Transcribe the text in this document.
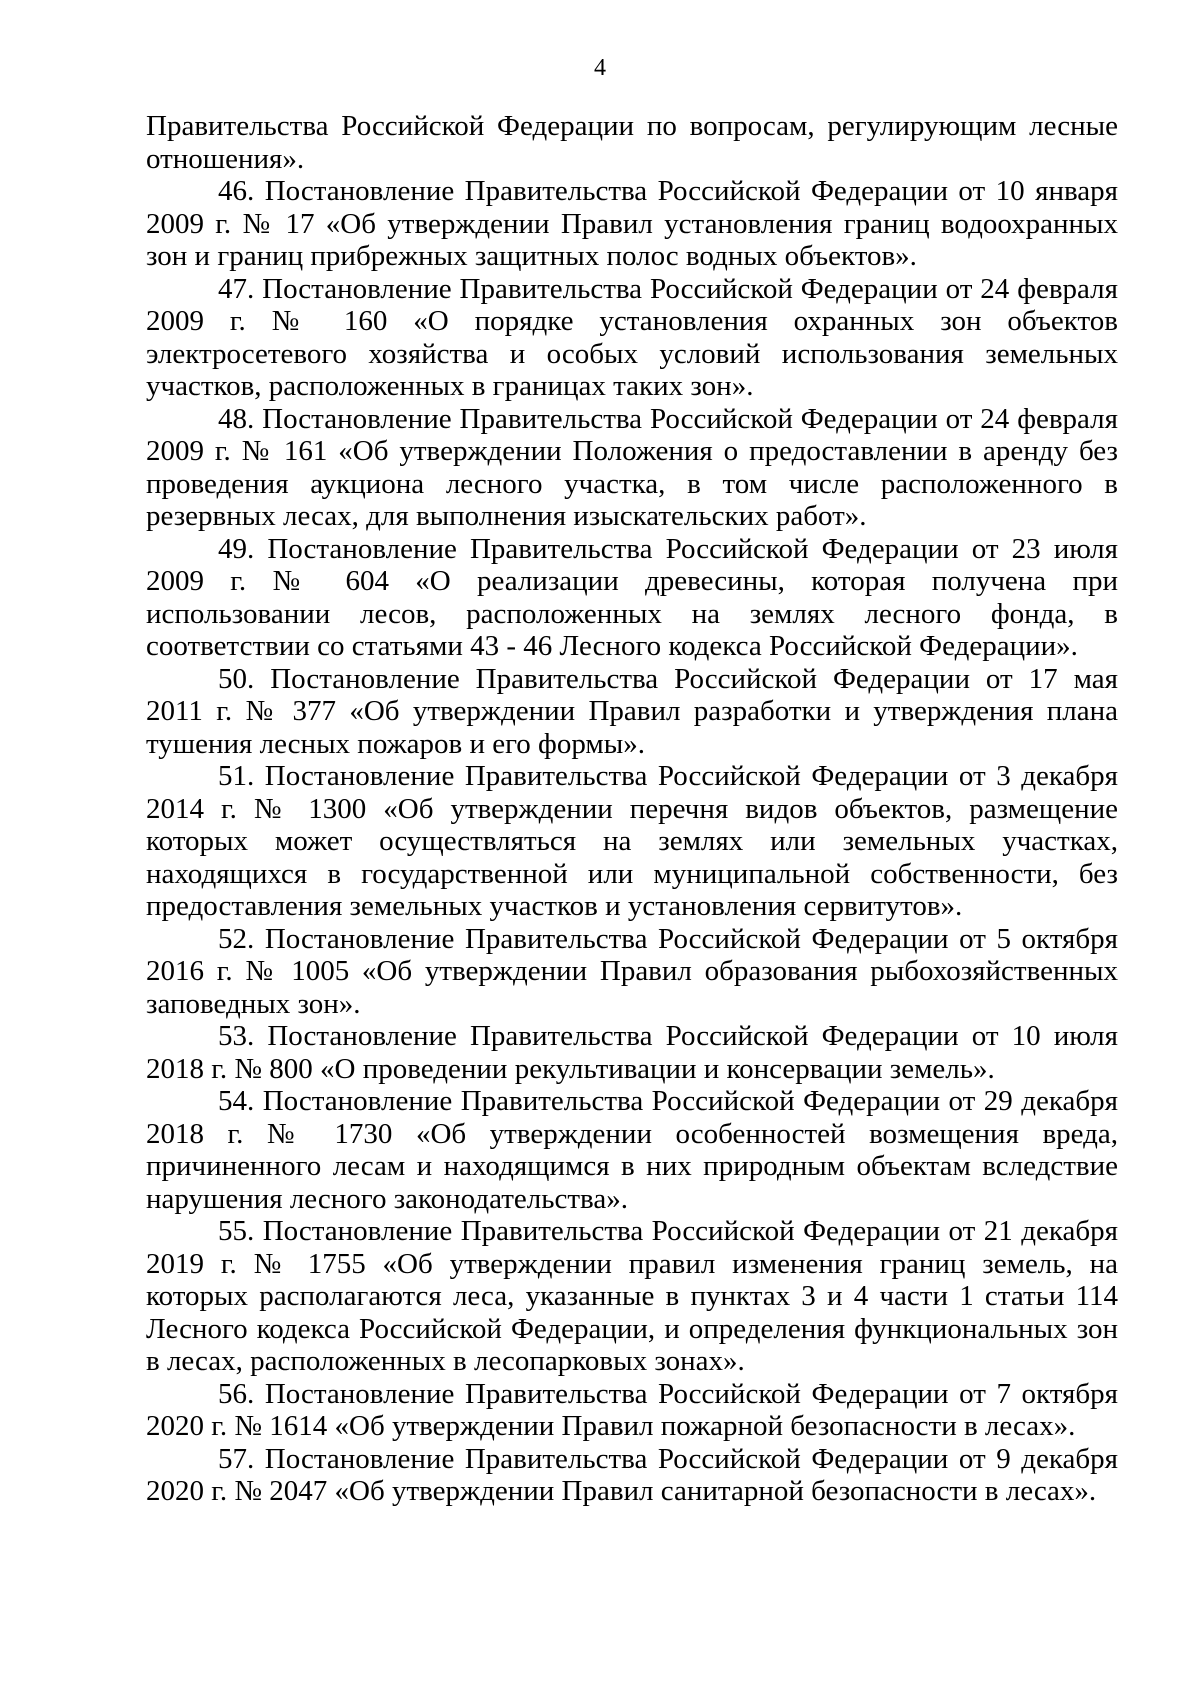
4

Правительства Российской Федерации по вопросам, регулирующим лесные отношения».

46. Постановление Правительства Российской Федерации от 10 января 2009 г. № 17 «Об утверждении Правил установления границ водоохранных зон и границ прибрежных защитных полос водных объектов».

47. Постановление Правительства Российской Федерации от 24 февраля 2009 г. № 160 «О порядке установления охранных зон объектов электросетевого хозяйства и особых условий использования земельных участков, расположенных в границах таких зон».

48. Постановление Правительства Российской Федерации от 24 февраля 2009 г. № 161 «Об утверждении Положения о предоставлении в аренду без проведения аукциона лесного участка, в том числе расположенного в резервных лесах, для выполнения изыскательских работ».

49. Постановление Правительства Российской Федерации от 23 июля 2009 г. № 604 «О реализации древесины, которая получена при использовании лесов, расположенных на землях лесного фонда, в соответствии со статьями 43 - 46 Лесного кодекса Российской Федерации».

50. Постановление Правительства Российской Федерации от 17 мая 2011 г. № 377 «Об утверждении Правил разработки и утверждения плана тушения лесных пожаров и его формы».

51. Постановление Правительства Российской Федерации от 3 декабря 2014 г. № 1300 «Об утверждении перечня видов объектов, размещение которых может осуществляться на землях или земельных участках, находящихся в государственной или муниципальной собственности, без предоставления земельных участков и установления сервитутов».

52. Постановление Правительства Российской Федерации от 5 октября 2016 г. № 1005 «Об утверждении Правил образования рыбохозяйственных заповедных зон».

53. Постановление Правительства Российской Федерации от 10 июля 2018 г. № 800 «О проведении рекультивации и консервации земель».

54. Постановление Правительства Российской Федерации от 29 декабря 2018 г. № 1730 «Об утверждении особенностей возмещения вреда, причиненного лесам и находящимся в них природным объектам вследствие нарушения лесного законодательства».

55. Постановление Правительства Российской Федерации от 21 декабря 2019 г. № 1755 «Об утверждении правил изменения границ земель, на которых располагаются леса, указанные в пунктах 3 и 4 части 1 статьи 114 Лесного кодекса Российской Федерации, и определения функциональных зон в лесах, расположенных в лесопарковых зонах».

56. Постановление Правительства Российской Федерации от 7 октября 2020 г. № 1614 «Об утверждении Правил пожарной безопасности в лесах».

57. Постановление Правительства Российской Федерации от 9 декабря 2020 г. № 2047 «Об утверждении Правил санитарной безопасности в лесах».
